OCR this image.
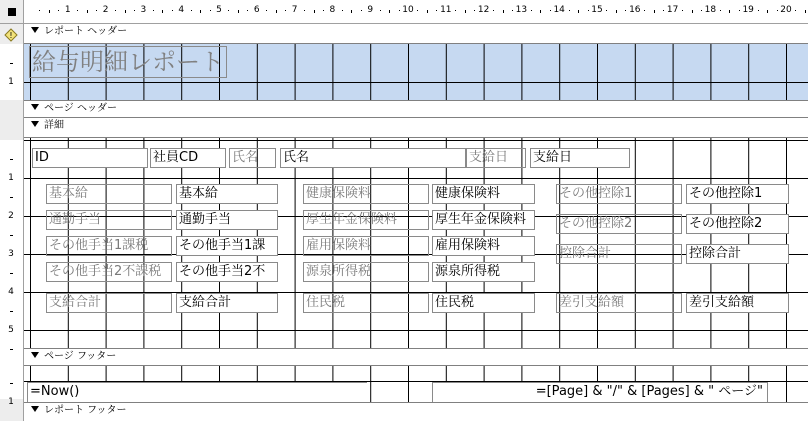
1	2	3	4	5	6	7	8	9	10	11	12	13	14	15	16	17	18	19	20
1
1
2
3
4
5
1
!	レポート ヘッダー
給与明細レポート
ページ ヘッダー
詳細
ID	社員CD	氏名	氏名	支給日	支給日
基本給	基本給
通勤手当	通勤手当
その他手当1課税	その他手当1課
その他手当2不課税	その他手当2不
支給合計	支給合計
健康保険料	健康保険料
厚生年金保険料	厚生年金保険料
雇用保険料	雇用保険料
源泉所得税	源泉所得税
住民税	住民税
その他控除1	その他控除1
その他控除2	その他控除2
控除合計	控除合計
差引支給額	差引支給額
ページ フッター
=Now()	=[Page] & "/" & [Pages] & " ページ"
レポート フッター
